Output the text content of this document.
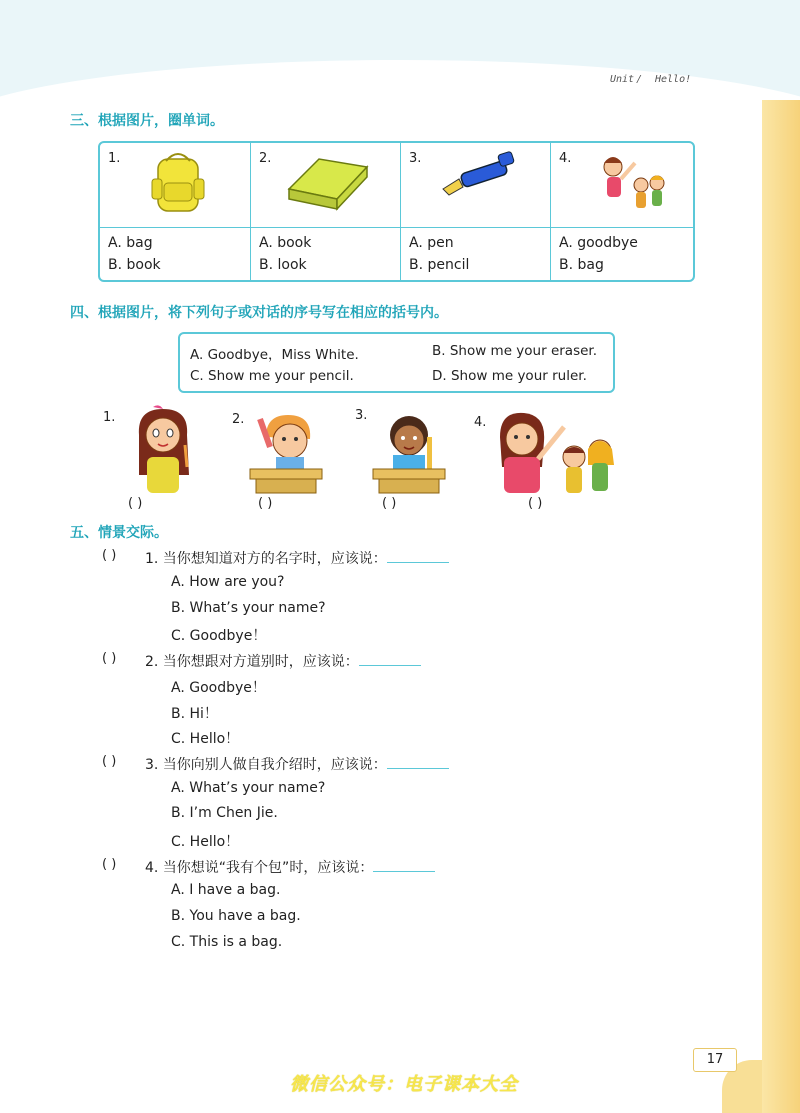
Unit / Hello!
三、根据图片，圈单词。
1.
A. bag
B. book
2.
A. book
B. look
3.
A. pen
B. pencil
4.
A. goodbye
B. bag
四、根据图片，将下列句子或对话的序号写在相应的括号内。
A. Goodbye，Miss White.	B. Show me your eraser.
C. Show me your pencil.	D. Show me your ruler.
1.
( )
2.
( )
3.
( )
4.
( )
五、情景交际。
( ) 1. 当你想知道对方的名字时，应该说：
A. How are you?
B. What’s your name?
C. Goodbye！
( ) 2. 当你想跟对方道别时，应该说：
A. Goodbye！
B. Hi！
C. Hello！
( ) 3. 当你向别人做自我介绍时，应该说：
A. What’s your name?
B. I’m Chen Jie.
C. Hello！
( ) 4. 当你想说“我有个包”时，应该说：
A. I have a bag.
B. You have a bag.
C. This is a bag.
17
微信公众号：电子课本大全
